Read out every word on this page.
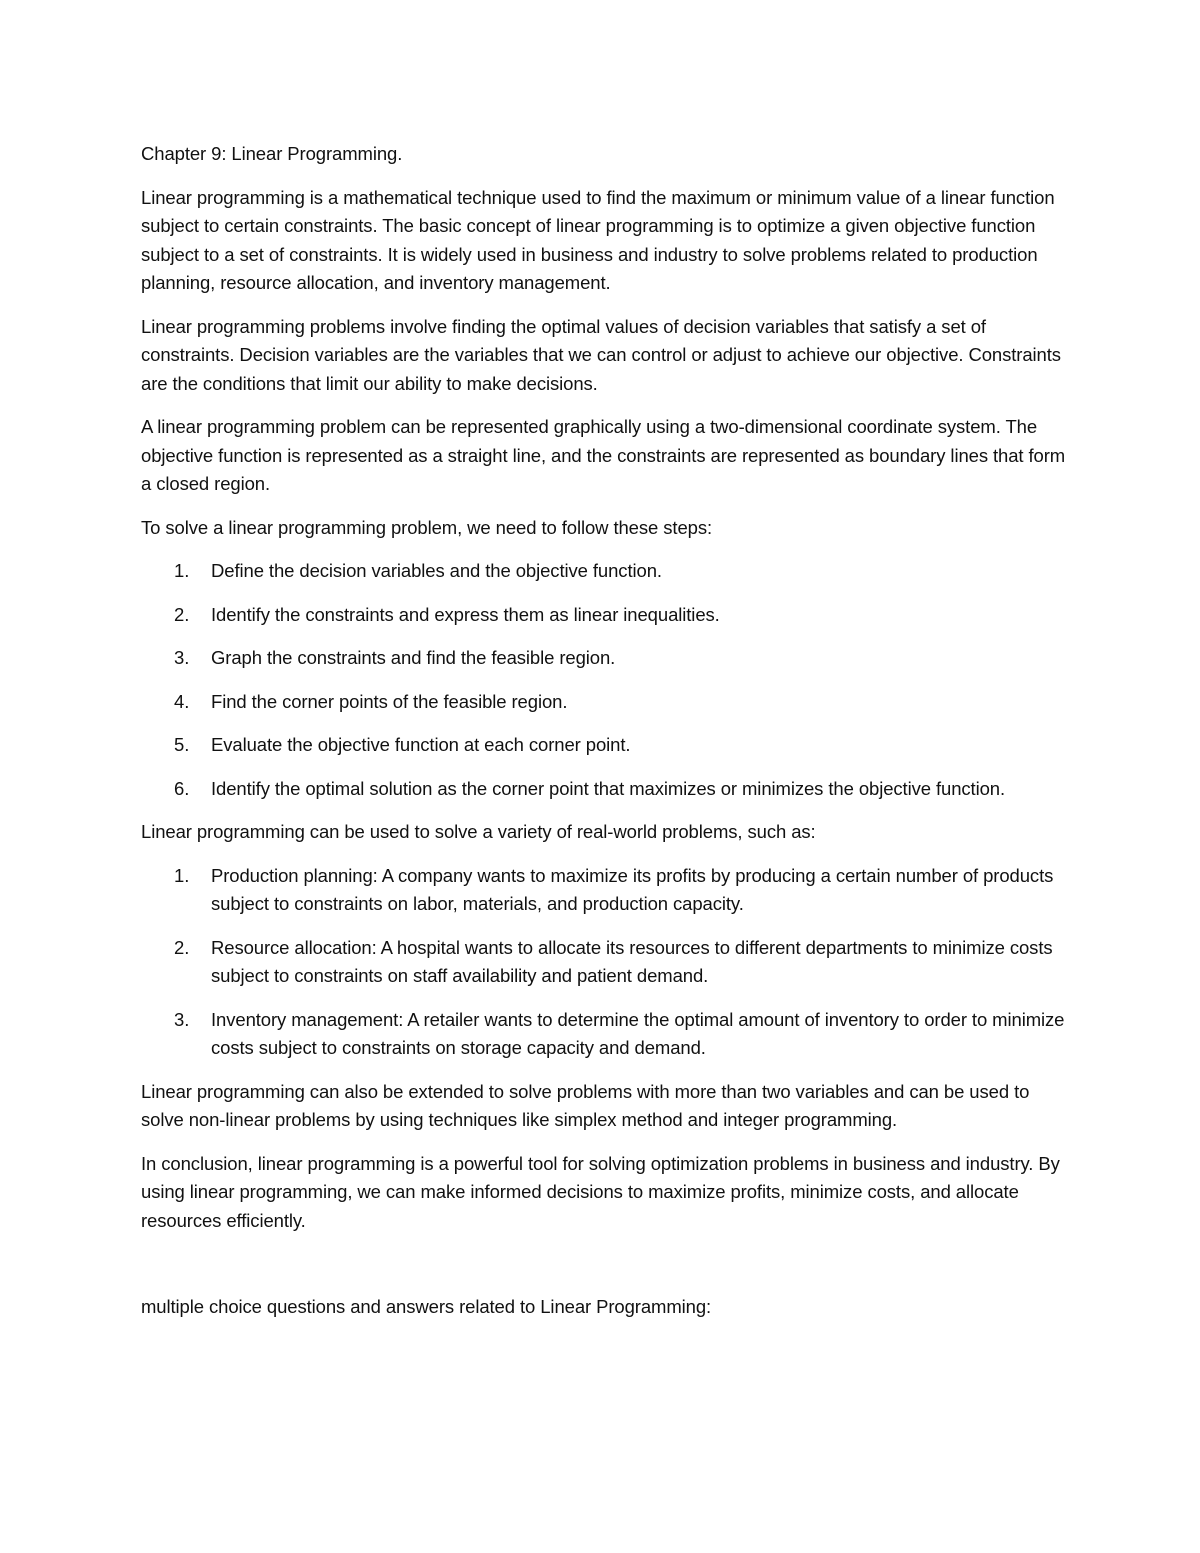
Chapter 9: Linear Programming.

Linear programming is a mathematical technique used to find the maximum or minimum value of a linear function subject to certain constraints. The basic concept of linear programming is to optimize a given objective function subject to a set of constraints. It is widely used in business and industry to solve problems related to production planning, resource allocation, and inventory management.

Linear programming problems involve finding the optimal values of decision variables that satisfy a set of constraints. Decision variables are the variables that we can control or adjust to achieve our objective. Constraints are the conditions that limit our ability to make decisions.

A linear programming problem can be represented graphically using a two-dimensional coordinate system. The objective function is represented as a straight line, and the constraints are represented as boundary lines that form a closed region.

To solve a linear programming problem, we need to follow these steps:

1. Define the decision variables and the objective function.
2. Identify the constraints and express them as linear inequalities.
3. Graph the constraints and find the feasible region.
4. Find the corner points of the feasible region.
5. Evaluate the objective function at each corner point.
6. Identify the optimal solution as the corner point that maximizes or minimizes the objective function.

Linear programming can be used to solve a variety of real-world problems, such as:

1. Production planning: A company wants to maximize its profits by producing a certain number of products subject to constraints on labor, materials, and production capacity.
2. Resource allocation: A hospital wants to allocate its resources to different departments to minimize costs subject to constraints on staff availability and patient demand.
3. Inventory management: A retailer wants to determine the optimal amount of inventory to order to minimize costs subject to constraints on storage capacity and demand.

Linear programming can also be extended to solve problems with more than two variables and can be used to solve non-linear problems by using techniques like simplex method and integer programming.

In conclusion, linear programming is a powerful tool for solving optimization problems in business and industry. By using linear programming, we can make informed decisions to maximize profits, minimize costs, and allocate resources efficiently.

multiple choice questions and answers related to Linear Programming:
